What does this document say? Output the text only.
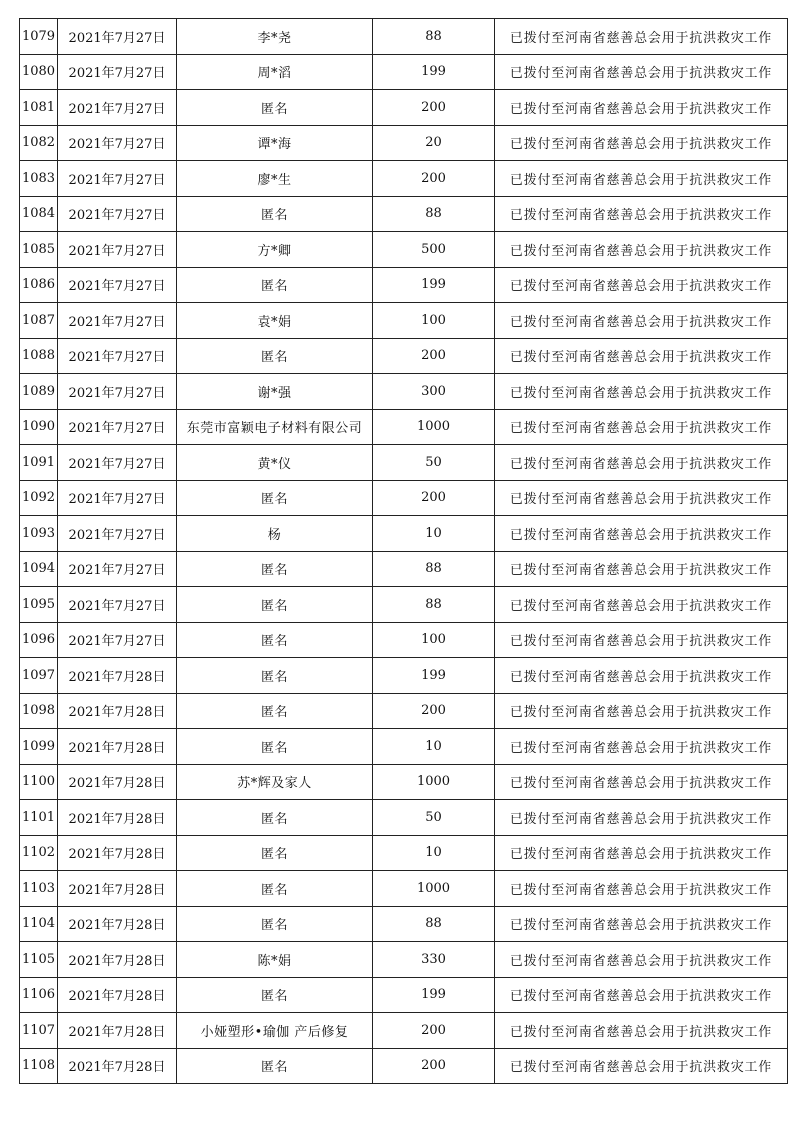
1079	2021年7月27日	李*尧	88	已拨付至河南省慈善总会用于抗洪救灾工作
1080	2021年7月27日	周*滔	199	已拨付至河南省慈善总会用于抗洪救灾工作
1081	2021年7月27日	匿名	200	已拨付至河南省慈善总会用于抗洪救灾工作
1082	2021年7月27日	谭*海	20	已拨付至河南省慈善总会用于抗洪救灾工作
1083	2021年7月27日	廖*生	200	已拨付至河南省慈善总会用于抗洪救灾工作
1084	2021年7月27日	匿名	88	已拨付至河南省慈善总会用于抗洪救灾工作
1085	2021年7月27日	方*卿	500	已拨付至河南省慈善总会用于抗洪救灾工作
1086	2021年7月27日	匿名	199	已拨付至河南省慈善总会用于抗洪救灾工作
1087	2021年7月27日	袁*娟	100	已拨付至河南省慈善总会用于抗洪救灾工作
1088	2021年7月27日	匿名	200	已拨付至河南省慈善总会用于抗洪救灾工作
1089	2021年7月27日	谢*强	300	已拨付至河南省慈善总会用于抗洪救灾工作
1090	2021年7月27日	东莞市富颖电子材料有限公司	1000	已拨付至河南省慈善总会用于抗洪救灾工作
1091	2021年7月27日	黄*仪	50	已拨付至河南省慈善总会用于抗洪救灾工作
1092	2021年7月27日	匿名	200	已拨付至河南省慈善总会用于抗洪救灾工作
1093	2021年7月27日	杨	10	已拨付至河南省慈善总会用于抗洪救灾工作
1094	2021年7月27日	匿名	88	已拨付至河南省慈善总会用于抗洪救灾工作
1095	2021年7月27日	匿名	88	已拨付至河南省慈善总会用于抗洪救灾工作
1096	2021年7月27日	匿名	100	已拨付至河南省慈善总会用于抗洪救灾工作
1097	2021年7月28日	匿名	199	已拨付至河南省慈善总会用于抗洪救灾工作
1098	2021年7月28日	匿名	200	已拨付至河南省慈善总会用于抗洪救灾工作
1099	2021年7月28日	匿名	10	已拨付至河南省慈善总会用于抗洪救灾工作
1100	2021年7月28日	苏*辉及家人	1000	已拨付至河南省慈善总会用于抗洪救灾工作
1101	2021年7月28日	匿名	50	已拨付至河南省慈善总会用于抗洪救灾工作
1102	2021年7月28日	匿名	10	已拨付至河南省慈善总会用于抗洪救灾工作
1103	2021年7月28日	匿名	1000	已拨付至河南省慈善总会用于抗洪救灾工作
1104	2021年7月28日	匿名	88	已拨付至河南省慈善总会用于抗洪救灾工作
1105	2021年7月28日	陈*娟	330	已拨付至河南省慈善总会用于抗洪救灾工作
1106	2021年7月28日	匿名	199	已拨付至河南省慈善总会用于抗洪救灾工作
1107	2021年7月28日	小娅塑形•瑜伽 产后修复	200	已拨付至河南省慈善总会用于抗洪救灾工作
1108	2021年7月28日	匿名	200	已拨付至河南省慈善总会用于抗洪救灾工作
